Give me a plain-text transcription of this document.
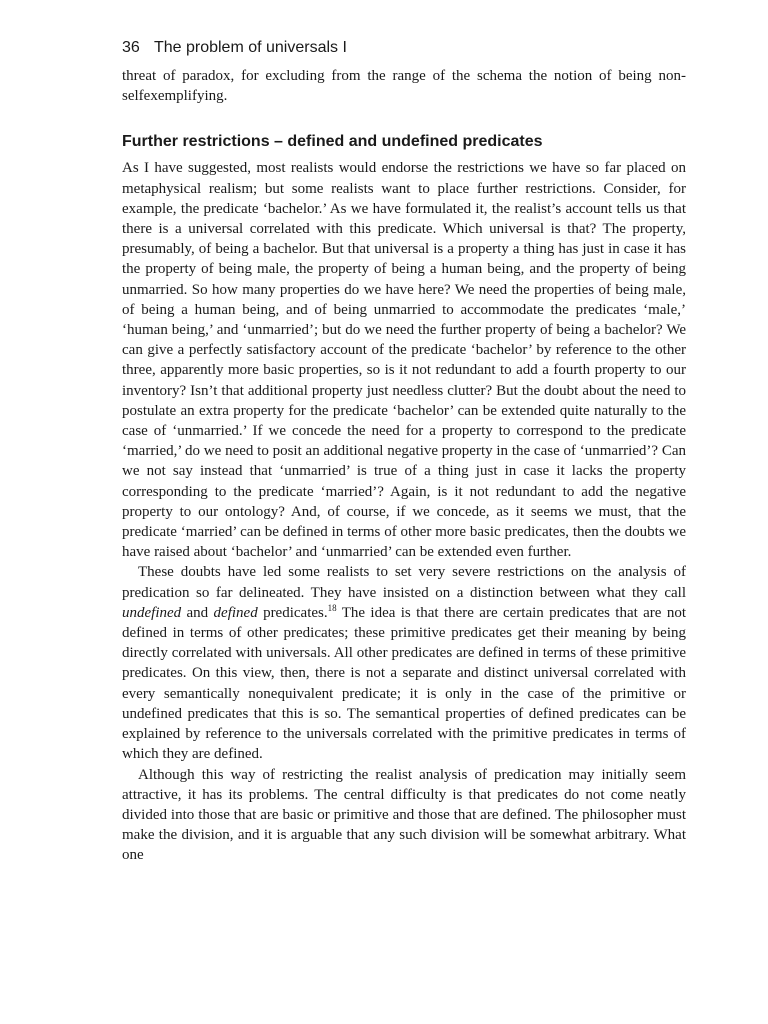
36 The problem of universals I

threat of paradox, for excluding from the range of the schema the notion of being non-selfexemplifying.

Further restrictions – defined and undefined predicates

As I have suggested, most realists would endorse the restrictions we have so far placed on metaphysical realism; but some realists want to place further restrictions. Consider, for example, the predicate ‘bachelor.’ As we have formulated it, the realist’s account tells us that there is a universal correlated with this predicate. Which universal is that? The property, presumably, of being a bachelor. But that universal is a property a thing has just in case it has the property of being male, the property of being a human being, and the property of being unmarried. So how many properties do we have here? We need the properties of being male, of being a human being, and of being unmarried to accommodate the predicates ‘male,’ ‘human being,’ and ‘unmarried’; but do we need the further property of being a bachelor? We can give a perfectly satisfactory account of the predicate ‘bachelor’ by reference to the other three, apparently more basic properties, so is it not redundant to add a fourth property to our inventory? Isn’t that additional property just needless clutter? But the doubt about the need to postulate an extra property for the predicate ‘bachelor’ can be extended quite naturally to the case of ‘unmarried.’ If we concede the need for a property to correspond to the predicate ‘married,’ do we need to posit an additional negative property in the case of ‘unmarried’? Can we not say instead that ‘unmarried’ is true of a thing just in case it lacks the property corresponding to the predicate ‘married’? Again, is it not redundant to add the negative property to our ontology? And, of course, if we concede, as it seems we must, that the predicate ‘married’ can be defined in terms of other more basic predicates, then the doubts we have raised about ‘bachelor’ and ‘unmarried’ can be extended even further.

These doubts have led some realists to set very severe restrictions on the analysis of predication so far delineated. They have insisted on a distinction between what they call undefined and defined predicates.$^{18}$ The idea is that there are certain predicates that are not defined in terms of other predicates; these primitive predicates get their meaning by being directly correlated with universals. All other predicates are defined in terms of these primitive predicates. On this view, then, there is not a separate and distinct universal correlated with every semantically nonequivalent predicate; it is only in the case of the primitive or undefined predicates that this is so. The semantical properties of defined predicates can be explained by reference to the universals correlated with the primitive predicates in terms of which they are defined.

Although this way of restricting the realist analysis of predication may initially seem attractive, it has its problems. The central difficulty is that predicates do not come neatly divided into those that are basic or primitive and those that are defined. The philosopher must make the division, and it is arguable that any such division will be somewhat arbitrary. What one
